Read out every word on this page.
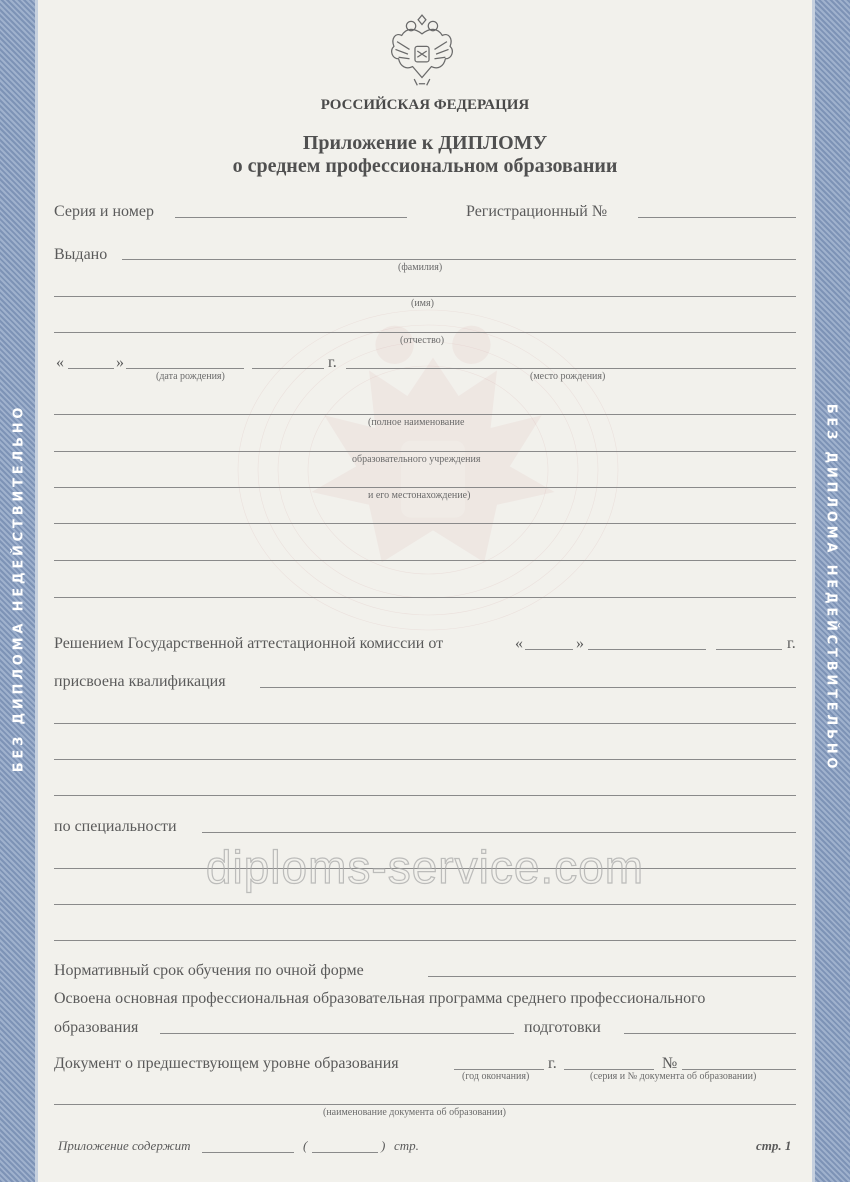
БЕЗ ДИПЛОМА НЕДЕЙСТВИТЕЛЬНО	БЕЗ ДИПЛОМА НЕДЕЙСТВИТЕЛЬНО
РОССИЙСКАЯ ФЕДЕРАЦИЯ
Приложение к ДИПЛОМУ
о среднем профессиональном образовании
Серия и номер	Регистрационный №
Выдано
(фамилия)
(имя)
(отчество)
«	»	г.
(дата рождения)	(место рождения)
(полное наименование
образовательного учреждения
и его местонахождение)
Решением Государственной аттестационной комиссии от	«	»	г.
присвоена квалификация
по специальности
diploms-service.com
Нормативный срок обучения по очной форме
Освоена основная профессиональная образовательная программа среднего профессионального
образования	подготовки
Документ о предшествующем уровне образования	г.	№
(год окончания)	(серия и № документа об образовании)
(наименование документа об образовании)
Приложение содержит	(	) стр.	стр. 1
